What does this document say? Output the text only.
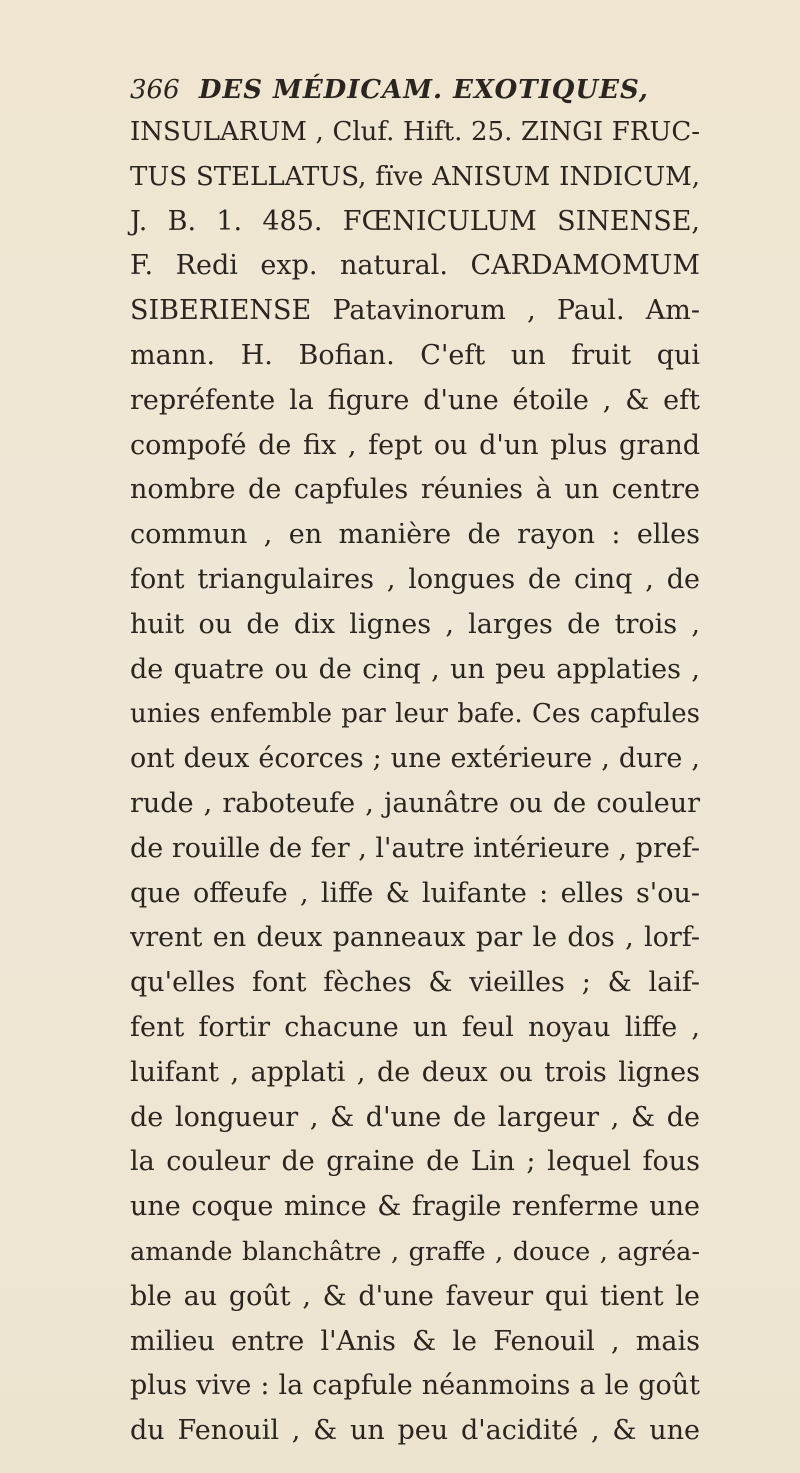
366 DES MÉDICAM. EXOTIQUES,
INSULARUM , Cluf. Hift. 25. ZINGI FRUC-
TUS STELLATUS, fïve ANISUM INDICUM,
J. B. 1. 485. FŒNICULUM SINENSE,
F. Redi exp. natural. CARDAMOMUM
SIBERIENSE Patavinorum , Paul. Am-
mann. H. Bofian. C'eft un fruit qui
repréfente la figure d'une étoile , & eft
compofé de fix , fept ou d'un plus grand
nombre de capfules réunies à un centre
commun , en manière de rayon : elles
font triangulaires , longues de cinq , de
huit ou de dix lignes , larges de trois ,
de quatre ou de cinq , un peu applaties ,
unies enfemble par leur bafe. Ces capfules
ont deux écorces ; une extérieure , dure ,
rude , raboteufe , jaunâtre ou de couleur
de rouille de fer , l'autre intérieure , pref-
que offeufe , liffe & luifante : elles s'ou-
vrent en deux panneaux par le dos , lorf-
qu'elles font fèches & vieilles ; & laif-
fent fortir chacune un feul noyau liffe ,
luifant , applati , de deux ou trois lignes
de longueur , & d'une de largeur , & de
la couleur de graine de Lin ; lequel fous
une coque mince & fragile renferme une
amande blanchâtre , graffe , douce , agréa-
ble au goût , & d'une faveur qui tient le
milieu entre l'Anis & le Fenouil , mais
plus vive : la capfule néanmoins a le goût
du Fenouil , & un peu d'acidité , & une
